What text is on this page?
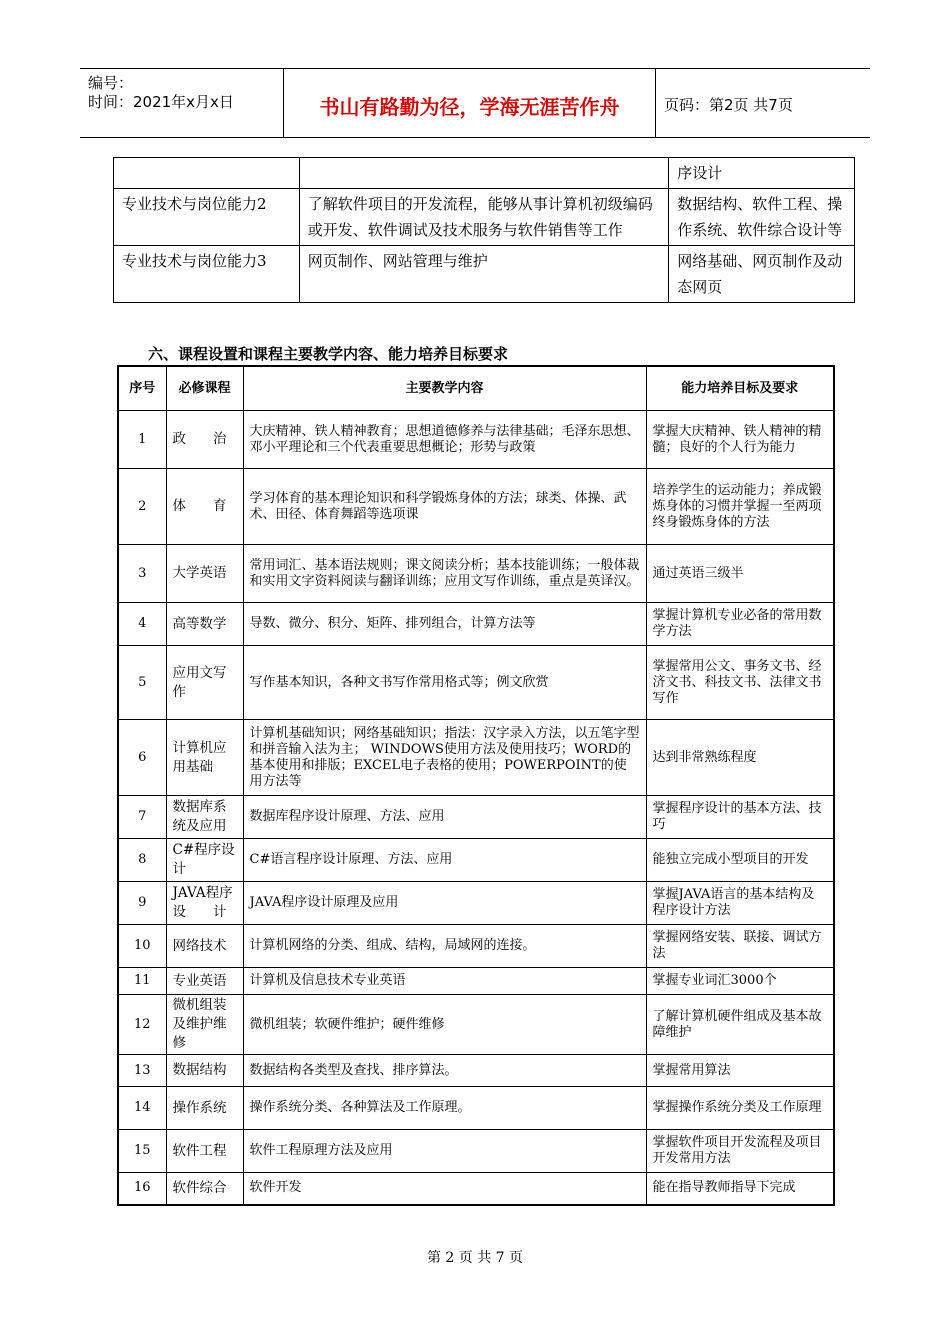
编号：
时间：2021年x月x日	书山有路勤为径，学海无涯苦作舟	页码：第2页 共7页
		序设计
专业技术与岗位能力2	了解软件项目的开发流程，能够从事计算机初级编码或开发、软件调试及技术服务与软件销售等工作	数据结构、软件工程、操作系统、软件综合设计等
专业技术与岗位能力3	网页制作、网站管理与维护	网络基础、网页制作及动态网页
六、课程设置和课程主要教学内容、能力培养目标要求
序号	必修课程	主要教学内容	能力培养目标及要求
1	政　　治	大庆精神、铁人精神教育；思想道德修养与法律基础；毛泽东思想、邓小平理论和三个代表重要思想概论；形势与政策	掌握大庆精神、铁人精神的精髓；良好的个人行为能力
2	体　　育	学习体育的基本理论知识和科学锻炼身体的方法；球类、体操、武术、田径、体育舞蹈等选项课	培养学生的运动能力；养成锻炼身体的习惯并掌握一至两项终身锻炼身体的方法
3	大学英语	常用词汇、基本语法规则；课文阅读分析；基本技能训练；一般体裁和实用文字资料阅读与翻译训练；应用文写作训练，重点是英译汉。	通过英语三级半
4	高等数学	导数、微分、积分、矩阵、排列组合，计算方法等	掌握计算机专业必备的常用数学方法
5	应用文写作	写作基本知识，各种文书写作常用格式等；例文欣赏	掌握常用公文、事务文书、经济文书、科技文书、法律文书写作
6	计算机应用基础	计算机基础知识；网络基础知识；指法：汉字录入方法，以五笔字型和拼音输入法为主； WINDOWS使用方法及使用技巧；WORD的基本使用和排版；EXCEL电子表格的使用；POWERPOINT的使用方法等	达到非常熟练程度
7	数据库系统及应用	数据库程序设计原理、方法、应用	掌握程序设计的基本方法、技巧
8	C#程序设计	C#语言程序设计原理、方法、应用	能独立完成小型项目的开发
9	JAVA程序设　　计	JAVA程序设计原理及应用	掌握JAVA语言的基本结构及程序设计方法
10	网络技术	计算机网络的分类、组成、结构，局域网的连接。	掌握网络安装、联接、调试方法
11	专业英语	计算机及信息技术专业英语	掌握专业词汇3000个
12	微机组装及维护维修	微机组装；软硬件维护；硬件维修	了解计算机硬件组成及基本故障维护
13	数据结构	数据结构各类型及查找、排序算法。	掌握常用算法
14	操作系统	操作系统分类、各种算法及工作原理。	掌握操作系统分类及工作原理
15	软件工程	软件工程原理方法及应用	掌握软件项目开发流程及项目开发常用方法
16	软件综合	软件开发	能在指导教师指导下完成
第 2 页 共 7 页
